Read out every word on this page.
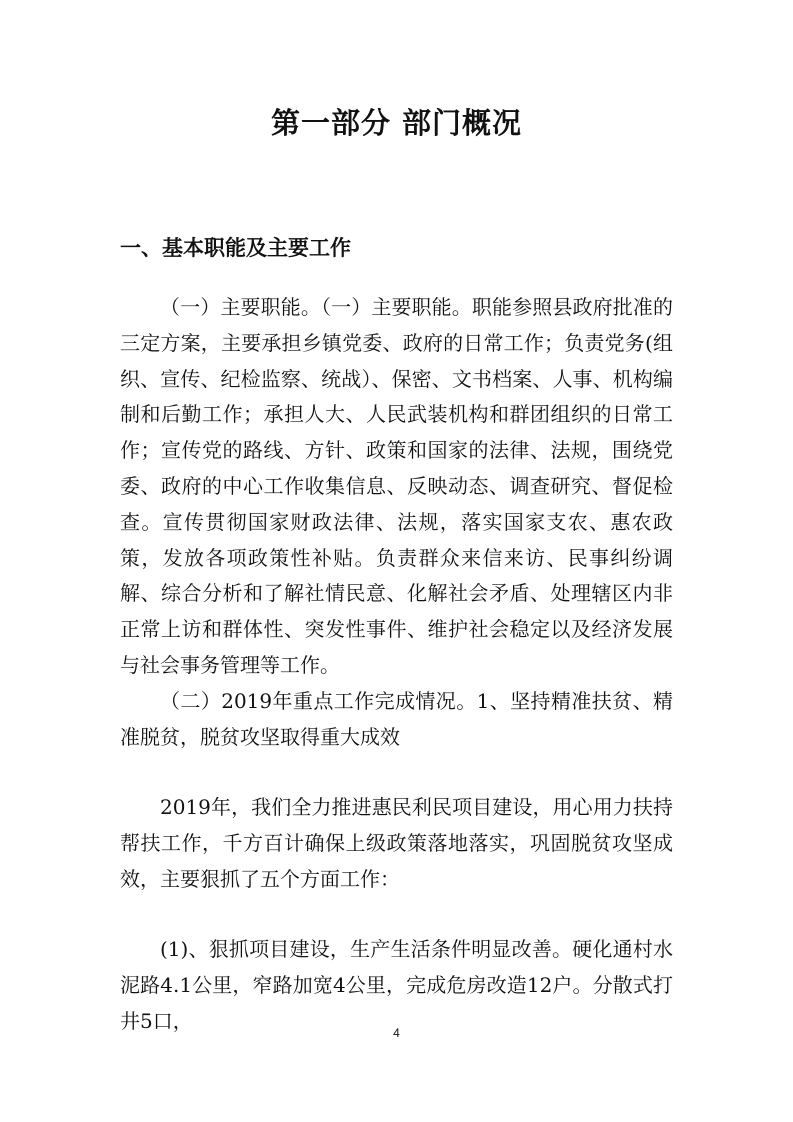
第一部分 部门概况
一、基本职能及主要工作

（一）主要职能。（一）主要职能。职能参照县政府批准的三定方案，主要承担乡镇党委、政府的日常工作；负责党务(组织、宣传、纪检监察、统战）、保密、文书档案、人事、机构编制和后勤工作；承担人大、人民武装机构和群团组织的日常工作；宣传党的路线、方针、政策和国家的法律、法规，围绕党委、政府的中心工作收集信息、反映动态、调查研究、督促检查。宣传贯彻国家财政法律、法规，落实国家支农、惠农政策，发放各项政策性补贴。负责群众来信来访、民事纠纷调解、综合分析和了解社情民意、化解社会矛盾、处理辖区内非正常上访和群体性、突发性事件、维护社会稳定以及经济发展与社会事务管理等工作。

（二）2019年重点工作完成情况。1、坚持精准扶贫、精准脱贫，脱贫攻坚取得重大成效

2019年，我们全力推进惠民利民项目建设，用心用力扶持帮扶工作，千方百计确保上级政策落地落实，巩固脱贫攻坚成效，主要狠抓了五个方面工作：

(1)、狠抓项目建设，生产生活条件明显改善。硬化通村水泥路4.1公里，窄路加宽4公里，完成危房改造12户。分散式打井5口，

4
